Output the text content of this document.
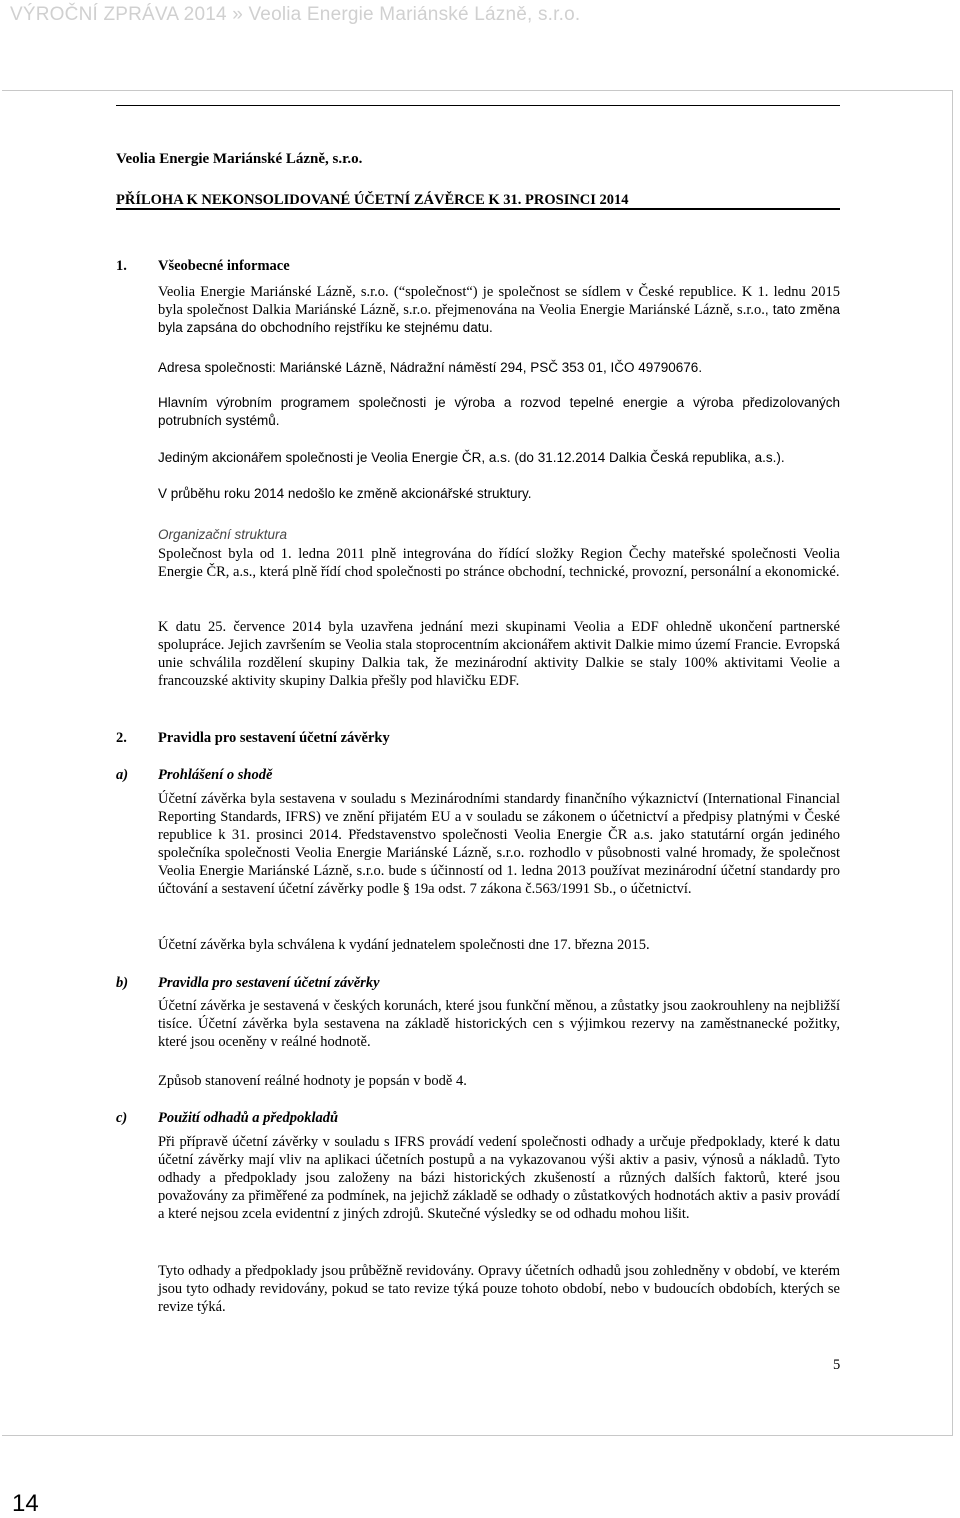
VÝROČNÍ ZPRÁVA 2014 » Veolia Energie Mariánské Lázně, s.r.o.
Veolia Energie Mariánské Lázně, s.r.o.
PŘÍLOHA K NEKONSOLIDOVANÉ ÚČETNÍ ZÁVĚRCE K 31. PROSINCI 2014
1. Všeobecné informace
Veolia Energie Mariánské Lázně, s.r.o. (“společnost“) je společnost se sídlem v České republice. K 1. lednu 2015 byla společnost Dalkia Mariánské Lázně, s.r.o. přejmenována na Veolia Energie Mariánské Lázně, s.r.o., tato změna byla zapsána do obchodního rejstříku ke stejnému datu.
Adresa společnosti: Mariánské Lázně, Nádražní náměstí 294, PSČ 353 01, IČO 49790676.
Hlavním výrobním programem společnosti je výroba a rozvod tepelné energie a výroba předizolovaných potrubních systémů.
Jediným akcionářem společnosti je Veolia Energie ČR, a.s. (do 31.12.2014 Dalkia Česká republika, a.s.).
V průběhu roku 2014 nedošlo ke změně akcionářské struktury.
Organizační struktura
Společnost byla od 1. ledna 2011 plně integrována do řídící složky Region Čechy mateřské společnosti Veolia Energie ČR, a.s., která plně řídí chod společnosti po stránce obchodní, technické, provozní, personální a ekonomické.
K datu 25. července 2014 byla uzavřena jednání mezi skupinami Veolia a EDF ohledně ukončení partnerské spolupráce. Jejich završením se Veolia stala stoprocentním akcionářem aktivit Dalkie mimo území Francie. Evropská unie schválila rozdělení skupiny Dalkia tak, že mezinárodní aktivity Dalkie se staly 100% aktivitami Veolie a francouzské aktivity skupiny Dalkia přešly pod hlavičku EDF.
2. Pravidla pro sestavení účetní závěrky
a) Prohlášení o shodě
Účetní závěrka byla sestavena v souladu s Mezinárodními standardy finančního výkaznictví (International Financial Reporting Standards, IFRS) ve znění přijatém EU a v souladu se zákonem o účetnictví a předpisy platnými v České republice k 31. prosinci 2014. Představenstvo společnosti Veolia Energie ČR a.s. jako statutární orgán jediného společníka společnosti Veolia Energie Mariánské Lázně, s.r.o. rozhodlo v působnosti valné hromady, že společnost Veolia Energie Mariánské Lázně, s.r.o. bude s účinností od 1. ledna 2013 používat mezinárodní účetní standardy pro účtování a sestavení účetní závěrky podle § 19a odst. 7 zákona č.563/1991 Sb., o účetnictví.
Účetní závěrka byla schválena k vydání jednatelem společnosti dne 17. března 2015.
b) Pravidla pro sestavení účetní závěrky
Účetní závěrka je sestavená v českých korunách, které jsou funkční měnou, a zůstatky jsou zaokrouhleny na nejbližší tisíce. Účetní závěrka byla sestavena na základě historických cen s výjimkou rezervy na zaměstnanecké požitky, které jsou oceněny v reálné hodnotě.
Způsob stanovení reálné hodnoty je popsán v bodě 4.
c) Použití odhadů a předpokladů
Při přípravě účetní závěrky v souladu s IFRS provádí vedení společnosti odhady a určuje předpoklady, které k datu účetní závěrky mají vliv na aplikaci účetních postupů a na vykazovanou výši aktiv a pasiv, výnosů a nákladů. Tyto odhady a předpoklady jsou založeny na bázi historických zkušeností a různých dalších faktorů, které jsou považovány za přiměřené za podmínek, na jejichž základě se odhady o zůstatkových hodnotách aktiv a pasiv provádí a které nejsou zcela evidentní z jiných zdrojů. Skutečné výsledky se od odhadu mohou lišit.
Tyto odhady a předpoklady jsou průběžně revidovány. Opravy účetních odhadů jsou zohledněny v období, ve kterém jsou tyto odhady revidovány, pokud se tato revize týká pouze tohoto období, nebo v budoucích obdobích, kterých se revize týká.
5
14
